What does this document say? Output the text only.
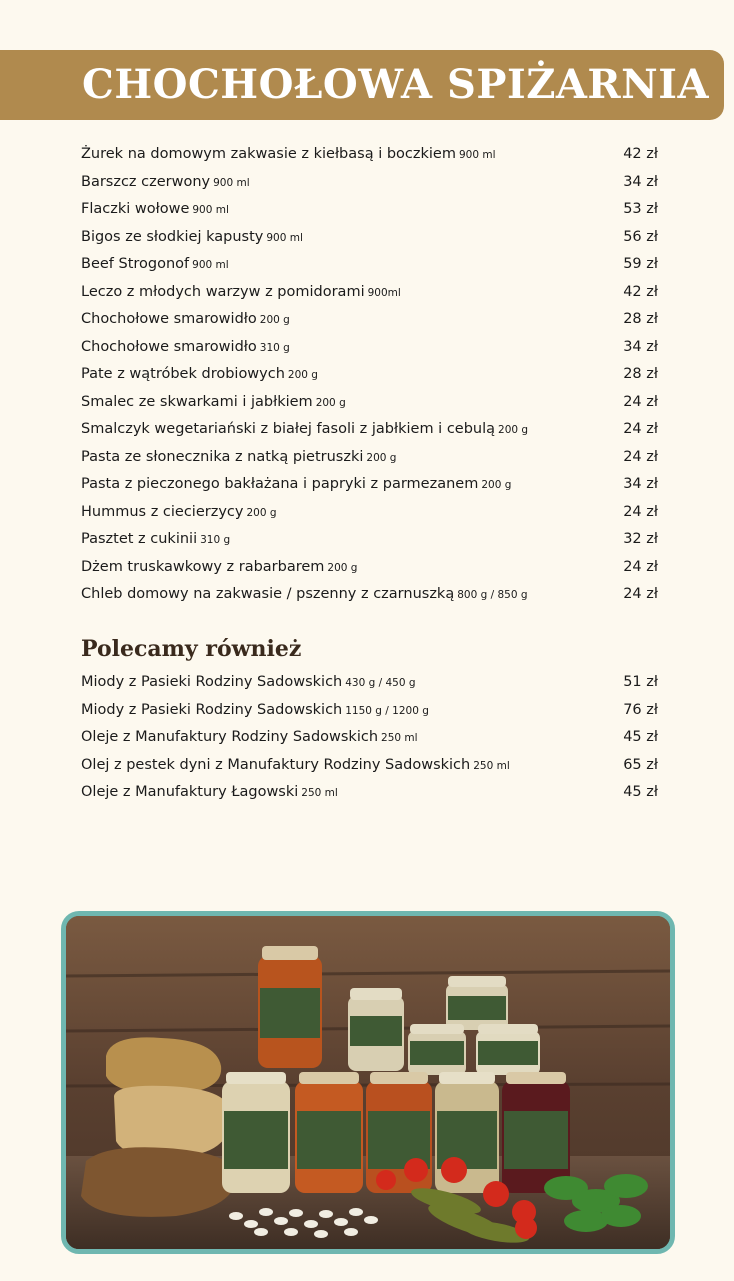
CHOCHOŁOWA SPIŻARNIA
Żurek na domowym zakwasie z kiełbasą i boczkiem 900 ml	42 zł
Barszcz czerwony 900 ml	34 zł
Flaczki wołowe 900 ml	53 zł
Bigos ze słodkiej kapusty 900 ml	56 zł
Beef Strogonof 900 ml	59 zł
Leczo z młodych warzyw z pomidorami 900ml	42 zł
Chochołowe smarowidło 200 g	28 zł
Chochołowe smarowidło 310 g	34 zł
Pate z wątróbek drobiowych 200 g	28 zł
Smalec ze skwarkami i jabłkiem 200 g	24 zł
Smalczyk wegetariański z białej fasoli z jabłkiem i cebulą 200 g	24 zł
Pasta ze słonecznika z natką pietruszki 200 g	24 zł
Pasta z pieczonego bakłażana i papryki z parmezanem 200 g	34 zł
Hummus z ciecierzycy 200 g	24 zł
Pasztet z cukinii 310 g	32 zł
Dżem truskawkowy z rabarbarem 200 g	24 zł
Chleb domowy na zakwasie / pszenny z czarnuszką 800 g / 850 g	24 zł
Polecamy również
Miody z Pasieki Rodziny Sadowskich 430 g / 450 g	51 zł
Miody z Pasieki Rodziny Sadowskich 1150 g / 1200 g	76 zł
Oleje z Manufaktury Rodziny Sadowskich 250 ml	45 zł
Olej z pestek dyni z Manufaktury Rodziny Sadowskich 250 ml	65 zł
Oleje z Manufaktury Łagowski 250 ml	45 zł
